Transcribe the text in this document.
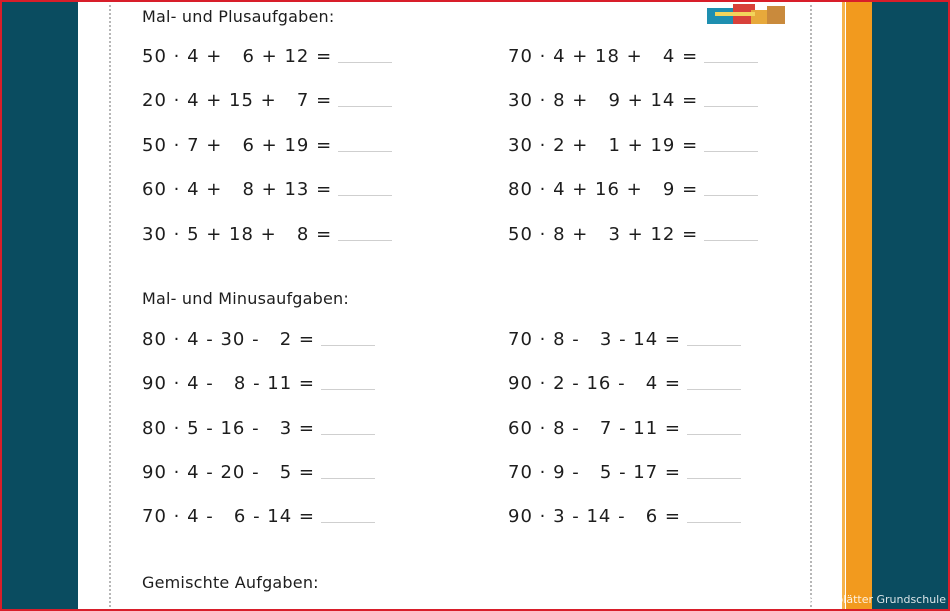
Mal- und Plusaufgaben:
50 · 4 +   6 + 12 =
20 · 4 + 15 +   7 =
50 · 7 +   6 + 19 =
60 · 4 +   8 + 13 =
30 · 5 + 18 +   8 =
70 · 4 + 18 +   4 =
30 · 8 +   9 + 14 =
30 · 2 +   1 + 19 =
80 · 4 + 16 +   9 =
50 · 8 +   3 + 12 =
Mal- und Minusaufgaben:
80 · 4 - 30 -   2 =
90 · 4 -   8 - 11 =
80 · 5 - 16 -   3 =
90 · 4 - 20 -   5 =
70 · 4 -   6 - 14 =
70 · 8 -   3 - 14 =
90 · 2 - 16 -   4 =
60 · 8 -   7 - 11 =
70 · 9 -   5 - 17 =
90 · 3 - 14 -   6 =
Gemischte Aufgaben:
Siehe die besten ...blätter Grundschule
